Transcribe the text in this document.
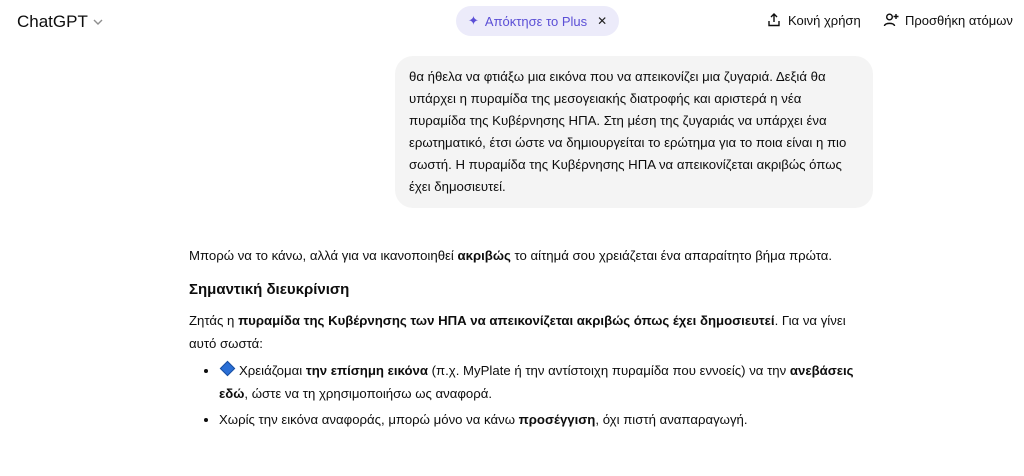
ChatGPT	✦ Απόκτησε το Plus ✕	Κοινή χρήση	Προσθήκη ατόμων
θα ήθελα να φτιάξω μια εικόνα που να απεικονίζει μια ζυγαριά. Δεξιά θα υπάρχει η πυραμίδα της μεσογειακής διατροφής και αριστερά η νέα πυραμίδα της Κυβέρνησης ΗΠΑ. Στη μέση της ζυγαριάς να υπάρχει ένα ερωτηματικό, έτσι ώστε να δημιουργείται το ερώτημα για το ποια είναι η πιο σωστή. Η πυραμίδα της Κυβέρνησης ΗΠΑ να απεικονίζεται ακριβώς όπως έχει δημοσιευτεί.

Μπορώ να το κάνω, αλλά για να ικανοποιηθεί ακριβώς το αίτημά σου χρειάζεται ένα απαραίτητο βήμα πρώτα.

Σημαντική διευκρίνιση

Ζητάς η πυραμίδα της Κυβέρνησης των ΗΠΑ να απεικονίζεται ακριβώς όπως έχει δημοσιευτεί. Για να γίνει αυτό σωστά:

• Χρειάζομαι την επίσημη εικόνα (π.χ. MyPlate ή την αντίστοιχη πυραμίδα που εννοείς) να την ανεβάσεις εδώ, ώστε να τη χρησιμοποιήσω ως αναφορά.
• Χωρίς την εικόνα αναφοράς, μπορώ μόνο να κάνω προσέγγιση, όχι πιστή αναπαραγωγή.
